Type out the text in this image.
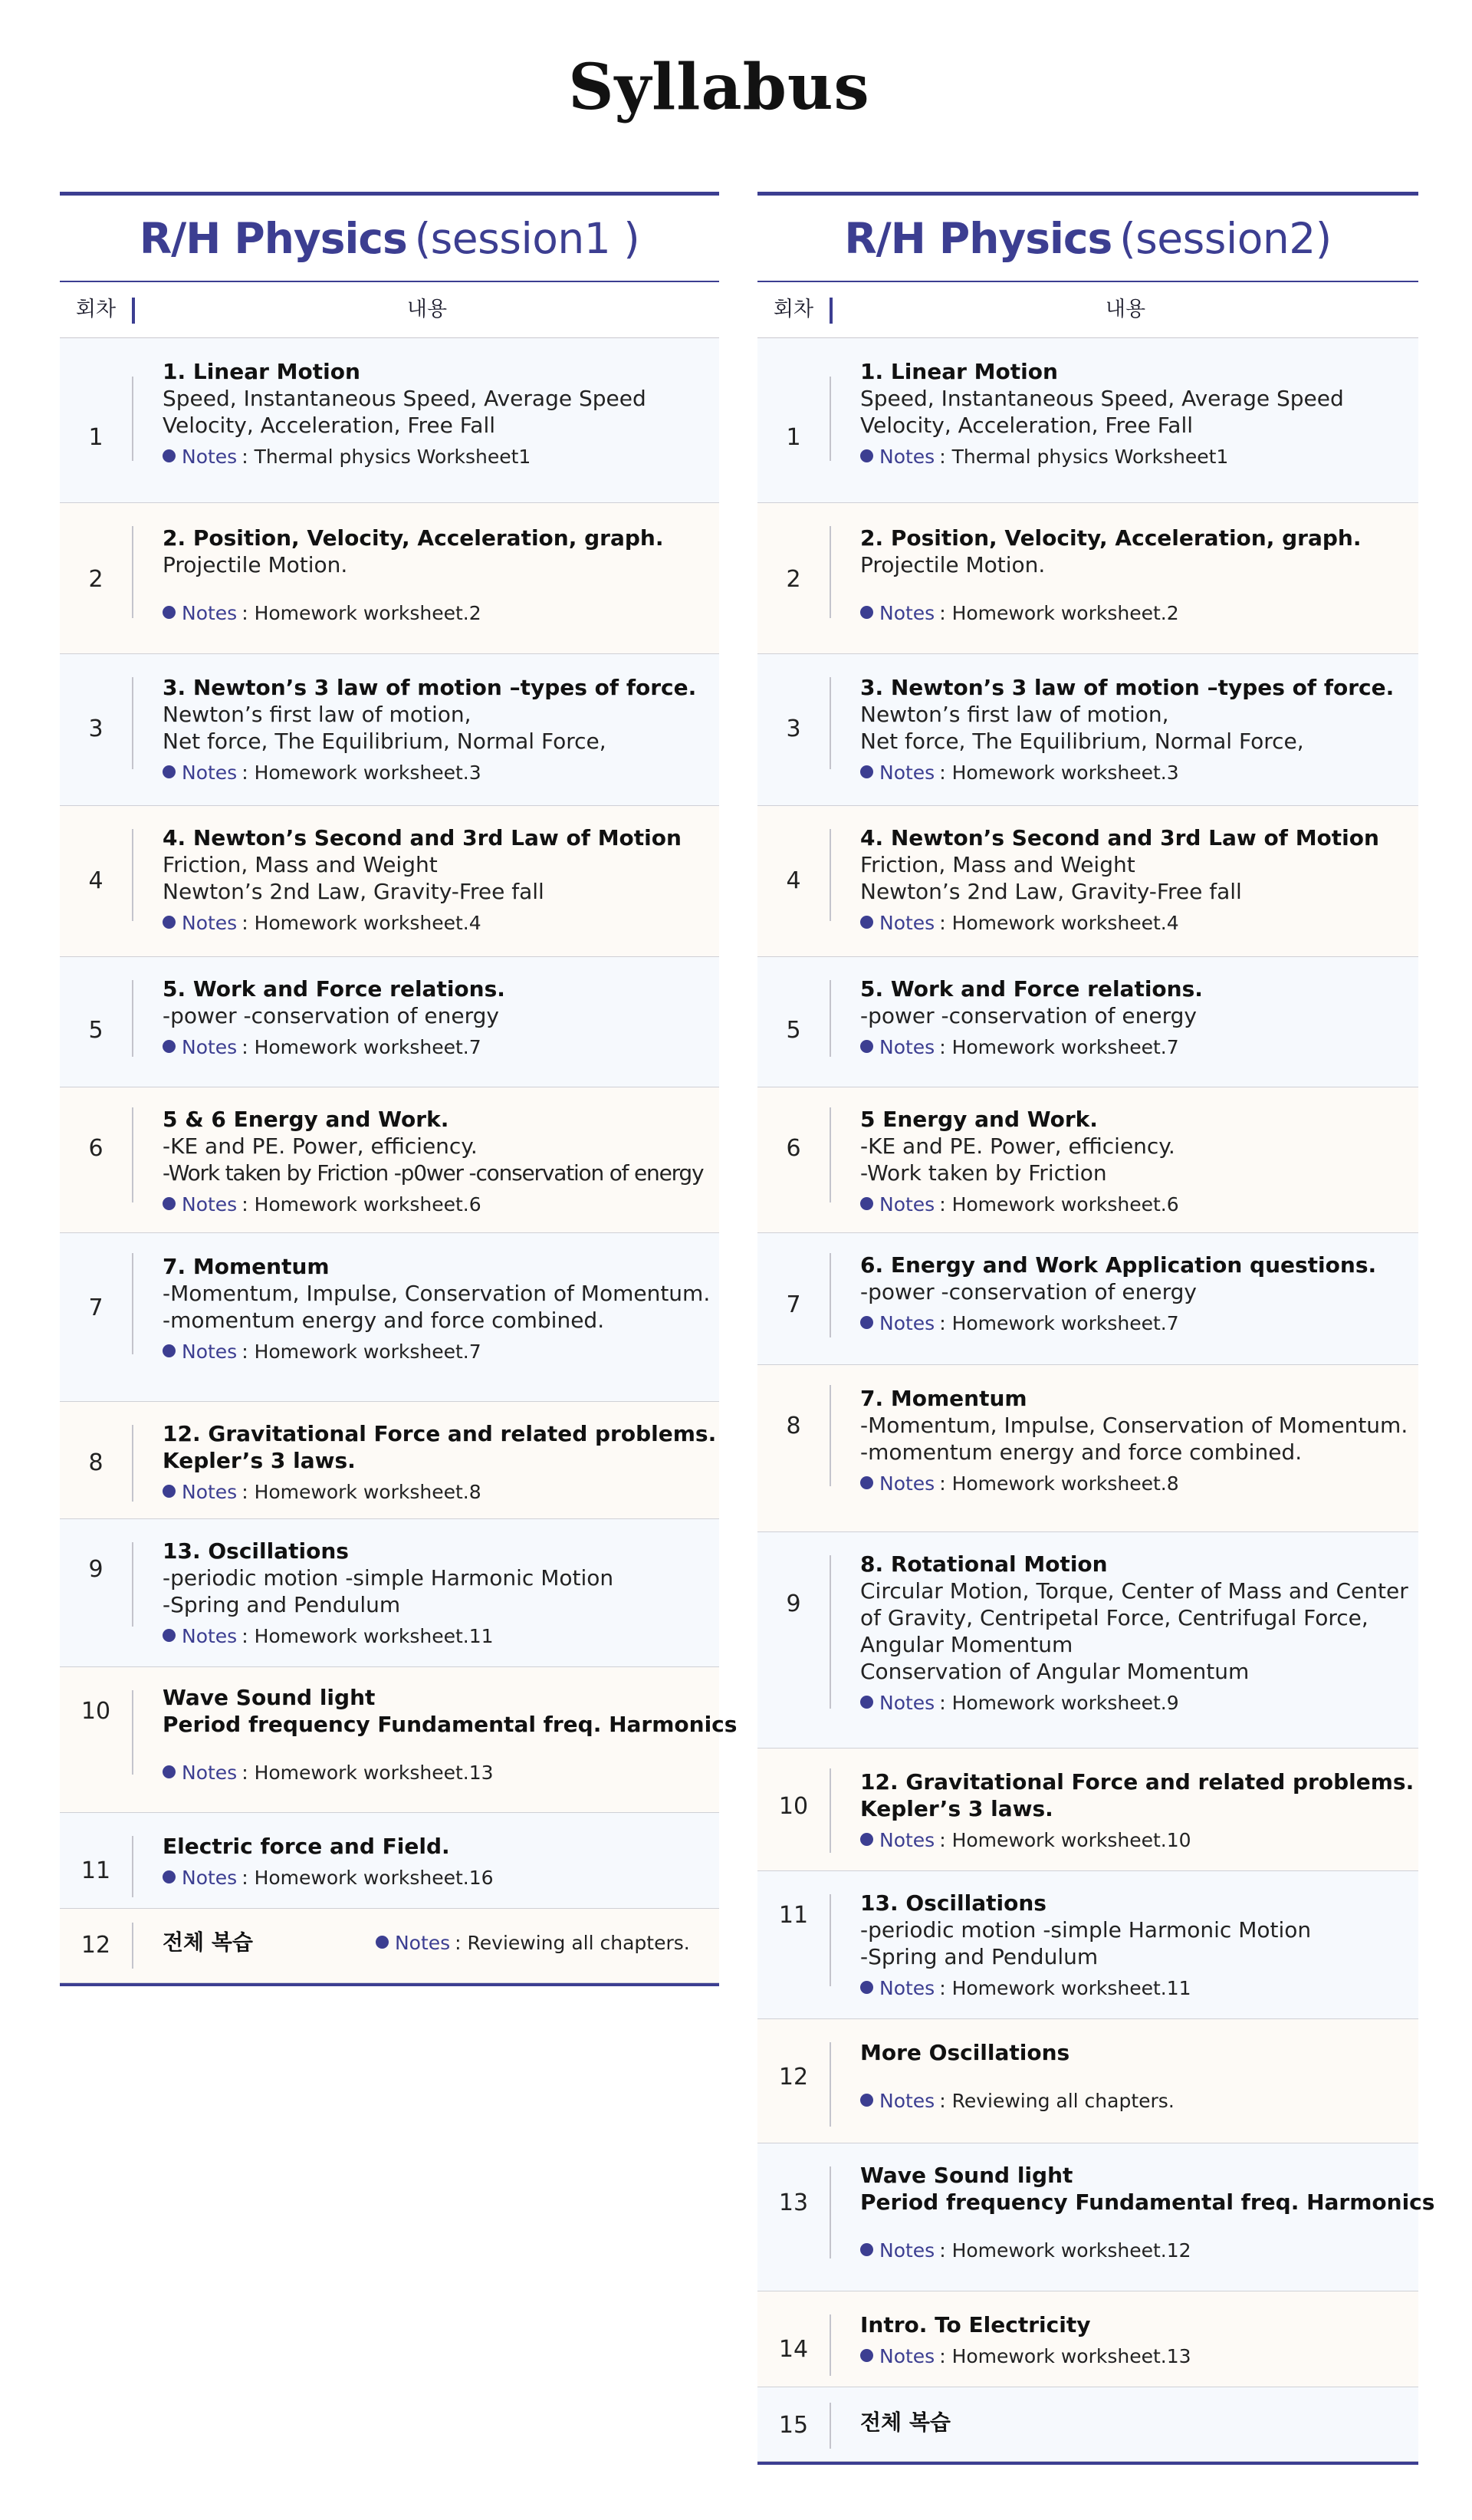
Syllabus
R/H Physics (session1 )
회차	내용
1
1. Linear Motion
Speed, Instantaneous Speed, Average Speed
Velocity, Acceleration, Free Fall
Notes : Thermal physics Worksheet1
2
2. Position, Velocity, Acceleration, graph.
Projectile Motion.
Notes : Homework worksheet.2
3
3. Newton’s 3 law of motion –types of force.
Newton’s first law of motion,
Net force, The Equilibrium, Normal Force,
Notes : Homework worksheet.3
4
4. Newton’s Second and 3rd Law of Motion
Friction, Mass and Weight
Newton’s 2nd Law, Gravity-Free fall
Notes : Homework worksheet.4
5
5. Work and Force relations.
-power -conservation of energy
Notes : Homework worksheet.7
6
5 & 6 Energy and Work.
-KE and PE. Power, efficiency.
-Work taken by Friction -p0wer -conservation of energy
Notes : Homework worksheet.6
7
7. Momentum
-Momentum, Impulse, Conservation of Momentum.
-momentum energy and force combined.
Notes : Homework worksheet.7
8
12. Gravitational Force and related problems.
Kepler’s 3 laws.
Notes : Homework worksheet.8
9
13. Oscillations
-periodic motion -simple Harmonic Motion
-Spring and Pendulum
Notes : Homework worksheet.11
10
Wave Sound light
Period frequency Fundamental freq. Harmonics
Notes : Homework worksheet.13
11
Electric force and Field.
Notes : Homework worksheet.16
12	전체 복습	Notes : Reviewing all chapters.
R/H Physics (session2)
회차	내용
1
1. Linear Motion
Speed, Instantaneous Speed, Average Speed
Velocity, Acceleration, Free Fall
Notes : Thermal physics Worksheet1
2
2. Position, Velocity, Acceleration, graph.
Projectile Motion.
Notes : Homework worksheet.2
3
3. Newton’s 3 law of motion –types of force.
Newton’s first law of motion,
Net force, The Equilibrium, Normal Force,
Notes : Homework worksheet.3
4
4. Newton’s Second and 3rd Law of Motion
Friction, Mass and Weight
Newton’s 2nd Law, Gravity-Free fall
Notes : Homework worksheet.4
5
5. Work and Force relations.
-power -conservation of energy
Notes : Homework worksheet.7
6
5 Energy and Work.
-KE and PE. Power, efficiency.
-Work taken by Friction
Notes : Homework worksheet.6
7
6. Energy and Work Application questions.
-power -conservation of energy
Notes : Homework worksheet.7
8
7. Momentum
-Momentum, Impulse, Conservation of Momentum.
-momentum energy and force combined.
Notes : Homework worksheet.8
9
8. Rotational Motion
Circular Motion, Torque, Center of Mass and Center
of Gravity, Centripetal Force, Centrifugal Force,
Angular Momentum
Conservation of Angular Momentum
Notes : Homework worksheet.9
10
12. Gravitational Force and related problems.
Kepler’s 3 laws.
Notes : Homework worksheet.10
11	13. Oscillations
-periodic motion -simple Harmonic Motion
-Spring and Pendulum
Notes : Homework worksheet.11
12
More Oscillations
Notes : Reviewing all chapters.
13
Wave Sound light
Period frequency Fundamental freq. Harmonics
Notes : Homework worksheet.12
14
Intro. To Electricity
Notes : Homework worksheet.13
15	전체 복습
